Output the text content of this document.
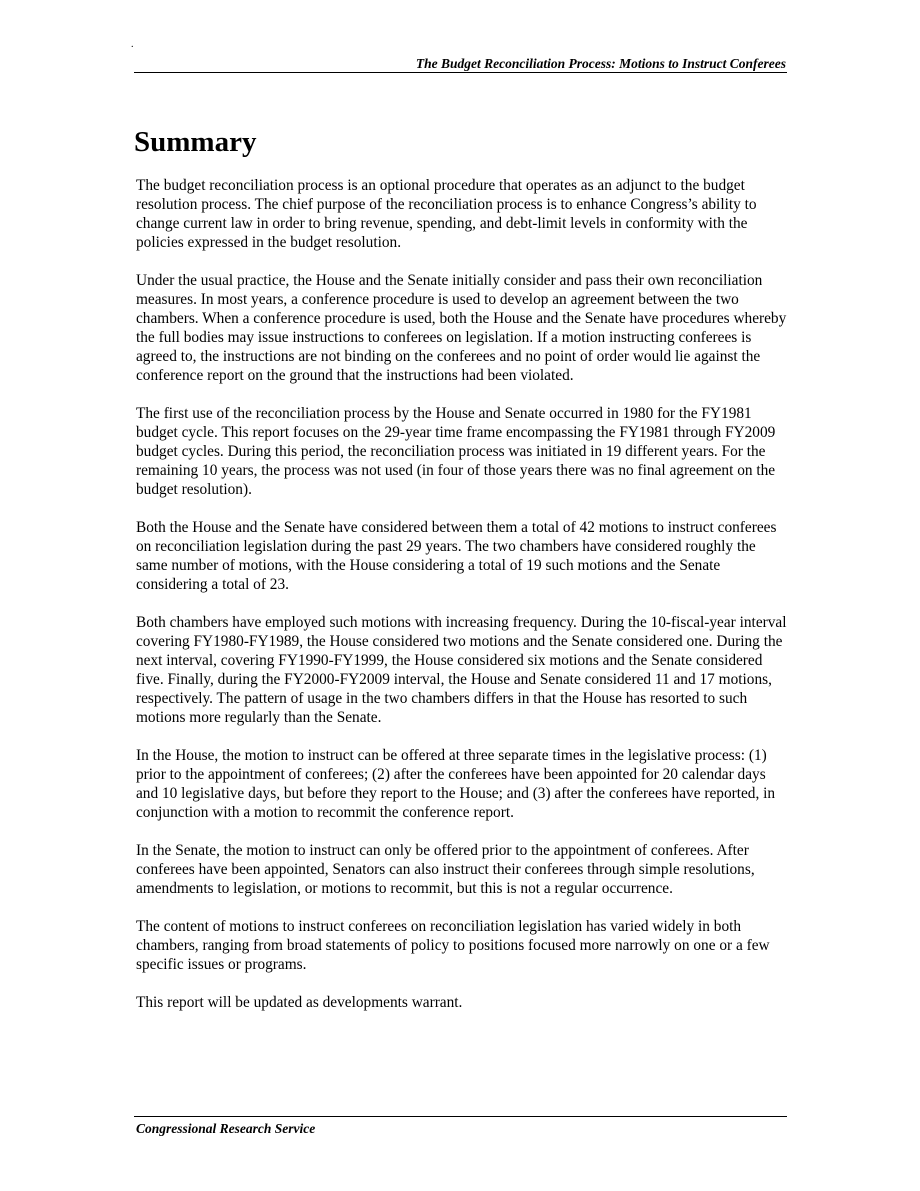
.
The Budget Reconciliation Process: Motions to Instruct Conferees
Summary

The budget reconciliation process is an optional procedure that operates as an adjunct to the budget resolution process. The chief purpose of the reconciliation process is to enhance Congress’s ability to change current law in order to bring revenue, spending, and debt-limit levels in conformity with the policies expressed in the budget resolution.

Under the usual practice, the House and the Senate initially consider and pass their own reconciliation measures. In most years, a conference procedure is used to develop an agreement between the two chambers. When a conference procedure is used, both the House and the Senate have procedures whereby the full bodies may issue instructions to conferees on legislation. If a motion instructing conferees is agreed to, the instructions are not binding on the conferees and no point of order would lie against the conference report on the ground that the instructions had been violated.

The first use of the reconciliation process by the House and Senate occurred in 1980 for the FY1981 budget cycle. This report focuses on the 29-year time frame encompassing the FY1981 through FY2009 budget cycles. During this period, the reconciliation process was initiated in 19 different years. For the remaining 10 years, the process was not used (in four of those years there was no final agreement on the budget resolution).

Both the House and the Senate have considered between them a total of 42 motions to instruct conferees on reconciliation legislation during the past 29 years. The two chambers have considered roughly the same number of motions, with the House considering a total of 19 such motions and the Senate considering a total of 23.

Both chambers have employed such motions with increasing frequency. During the 10-fiscal-year interval covering FY1980-FY1989, the House considered two motions and the Senate considered one. During the next interval, covering FY1990-FY1999, the House considered six motions and the Senate considered five. Finally, during the FY2000-FY2009 interval, the House and Senate considered 11 and 17 motions, respectively. The pattern of usage in the two chambers differs in that the House has resorted to such motions more regularly than the Senate.

In the House, the motion to instruct can be offered at three separate times in the legislative process: (1) prior to the appointment of conferees; (2) after the conferees have been appointed for 20 calendar days and 10 legislative days, but before they report to the House; and (3) after the conferees have reported, in conjunction with a motion to recommit the conference report.

In the Senate, the motion to instruct can only be offered prior to the appointment of conferees. After conferees have been appointed, Senators can also instruct their conferees through simple resolutions, amendments to legislation, or motions to recommit, but this is not a regular occurrence.

The content of motions to instruct conferees on reconciliation legislation has varied widely in both chambers, ranging from broad statements of policy to positions focused more narrowly on one or a few specific issues or programs.

This report will be updated as developments warrant.

Congressional Research Service
